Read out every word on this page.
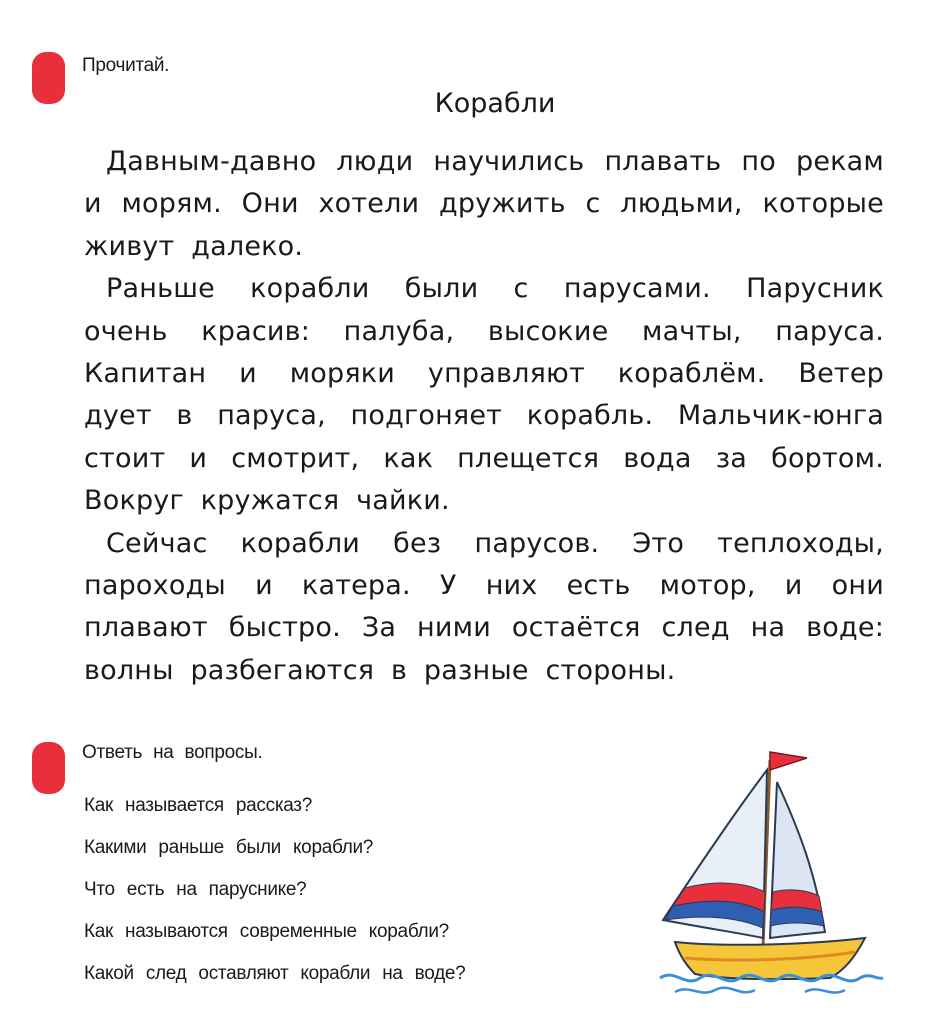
Прочитай.
Корабли

Давным-давно люди научились плавать по рекам и морям. Они хотели дружить с людьми, которые живут далеко.

Раньше корабли были с парусами. Парусник очень красив: палуба, высокие мачты, паруса. Капитан и моряки управляют кораблём. Ветер дует в паруса, подгоняет корабль. Мальчик-юнга стоит и смотрит, как плещется вода за бортом. Вокруг кружатся чайки.

Сейчас корабли без парусов. Это теплоходы, пароходы и катера. У них есть мотор, и они плавают быстро. За ними остаётся след на воде: волны разбегаются в разные стороны.

Ответь на вопросы.
Как называется рассказ?
Какими раньше были корабли?
Что есть на паруснике?
Как называются современные корабли?
Какой след оставляют корабли на воде?
